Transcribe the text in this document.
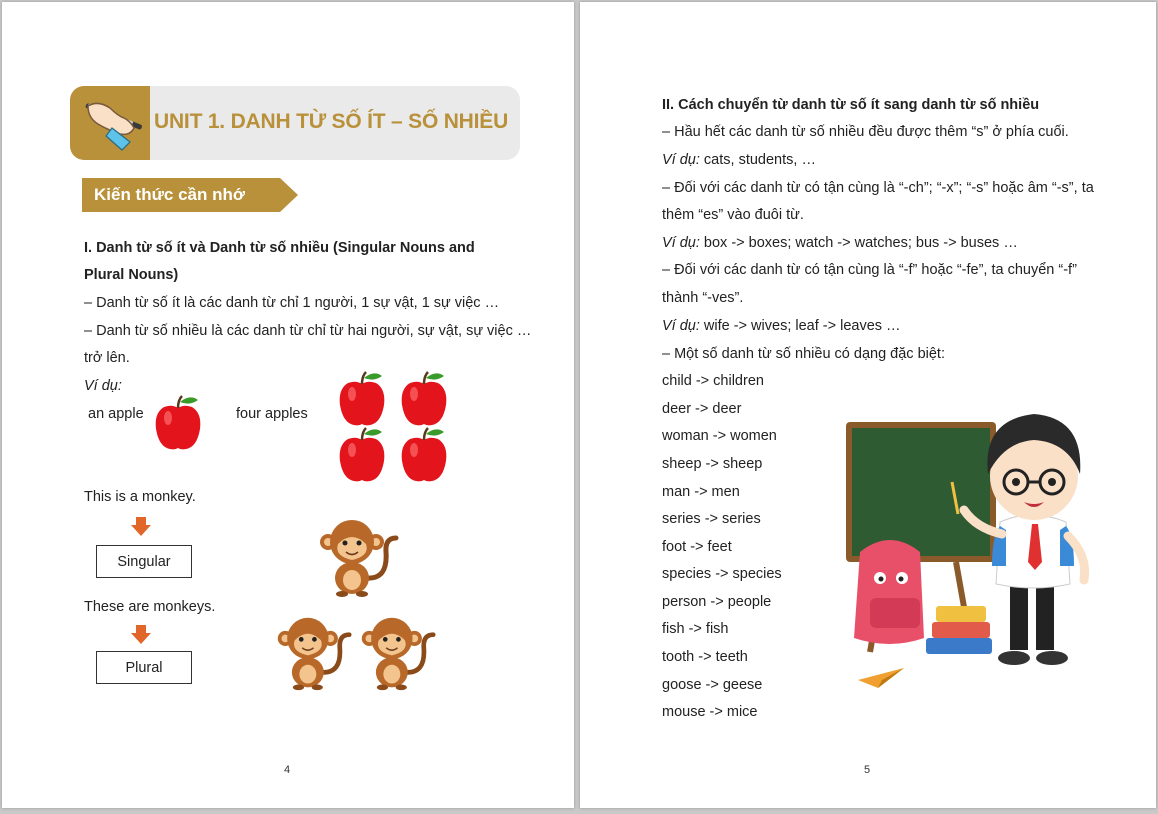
UNIT 1. DANH TỪ SỐ ÍT – SỐ NHIỀU
Kiến thức cần nhớ
I. Danh từ số ít và Danh từ số nhiều (Singular Nouns and
Plural Nouns)
– Danh từ số ít là các danh từ chỉ 1 người, 1 sự vật, 1 sự việc …
– Danh từ số nhiều là các danh từ chỉ từ hai người, sự vật, sự việc …
trở lên.
Ví dụ:
an apple	four apples
This is a monkey.
Singular
These are monkeys.
Plural
4
II. Cách chuyển từ danh từ số ít sang danh từ số nhiều
– Hầu hết các danh từ số nhiều đều được thêm “s” ở phía cuối.
Ví dụ: cats, students, …
– Đối với các danh từ có tận cùng là “-ch”; “-x”; “-s” hoặc âm “-s”, ta
thêm “es” vào đuôi từ.
Ví dụ: box -> boxes; watch -> watches; bus -> buses …
– Đối với các danh từ có tận cùng là “-f” hoặc “-fe”, ta chuyển “-f”
thành “-ves”.
Ví dụ: wife -> wives; leaf -> leaves …
– Một số danh từ số nhiều có dạng đặc biệt:
child -> children
deer -> deer
woman -> women
sheep -> sheep
man -> men
series -> series
foot -> feet
species -> species
person -> people
fish -> fish
tooth -> teeth
goose -> geese
mouse -> mice
5
